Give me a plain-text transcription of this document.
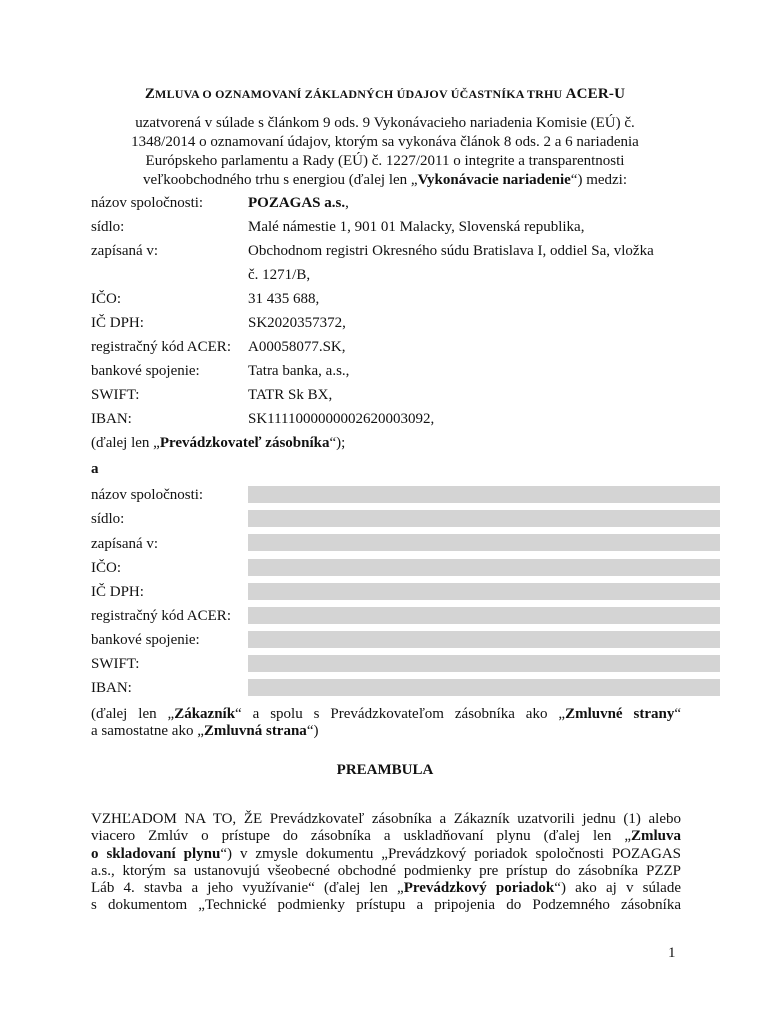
ZMLUVA O OZNAMOVANÍ ZÁKLADNÝCH ÚDAJOV ÚČASTNÍKA TRHU ACER-U
uzatvorená v súlade s článkom 9 ods. 9 Vykonávacieho nariadenia Komisie (EÚ) č.
1348/2014 o oznamovaní údajov, ktorým sa vykonáva článok 8 ods. 2 a 6 nariadenia
Európskeho parlamentu a Rady (EÚ) č. 1227/2011 o integrite a transparentnosti
veľkoobchodného trhu s energiou (ďalej len „Vykonávacie nariadenie“) medzi:
názov spoločnosti:	POZAGAS a.s.,
sídlo:	Malé námestie 1, 901 01 Malacky, Slovenská republika,
zapísaná v:	Obchodnom registri Okresného súdu Bratislava I, oddiel Sa, vložka
č. 1271/B,
IČO:	31 435 688,
IČ DPH:	SK2020357372,
registračný kód ACER: A00058077.SK,
bankové spojenie:	Tatra banka, a.s.,
SWIFT:	TATR Sk BX,
IBAN:	SK1111000000002620003092,
(ďalej len „Prevádzkovateľ zásobníka“);
a
názov spoločnosti:
sídlo:
zapísaná v:
IČO:
IČ DPH:
registračný kód ACER:
bankové spojenie:
SWIFT:
IBAN:
(ďalej len „Zákazník“ a spolu s Prevádzkovateľom zásobníka ako „Zmluvné strany“
a samostatne ako „Zmluvná strana“)
PREAMBULA
VZHĽADOM NA TO, ŽE Prevádzkovateľ zásobníka a Zákazník uzatvorili jednu (1) alebo
viacero Zmlúv o prístupe do zásobníka a uskladňovaní plynu (ďalej len „Zmluva
o skladovaní plynu“) v zmysle dokumentu „Prevádzkový poriadok spoločnosti POZAGAS
a.s., ktorým sa ustanovujú všeobecné obchodné podmienky pre prístup do zásobníka PZZP
Láb 4. stavba a jeho využívanie“ (ďalej len „Prevádzkový poriadok“) ako aj v súlade
s dokumentom „Technické podmienky prístupu a pripojenia do Podzemného zásobníka
1
